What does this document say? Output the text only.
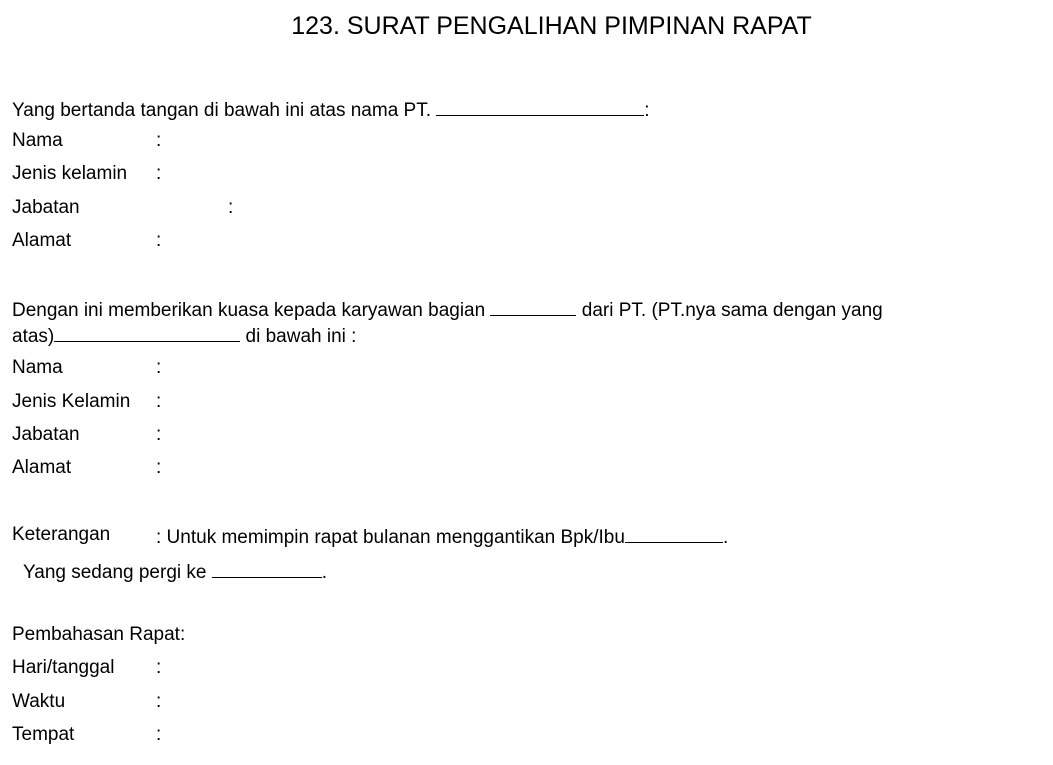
123. SURAT PENGALIHAN PIMPINAN RAPAT
Yang bertanda tangan di bawah ini atas nama PT.	:
Nama	:
Jenis kelamin :
Jabatan	:
Alamat	:
Dengan ini memberikan kuasa kepada karyawan bagian	dari PT. (PT.nya sama dengan yang
atas)	di bawah ini :
Nama	:
Jenis Kelamin :
Jabatan	:
Alamat	:
Keterangan : Untuk memimpin rapat bulanan menggantikan Bpk/Ibu	.
Yang sedang pergi ke	.
Pembahasan Rapat:
Hari/tanggal :
Waktu	:
Tempat	:
